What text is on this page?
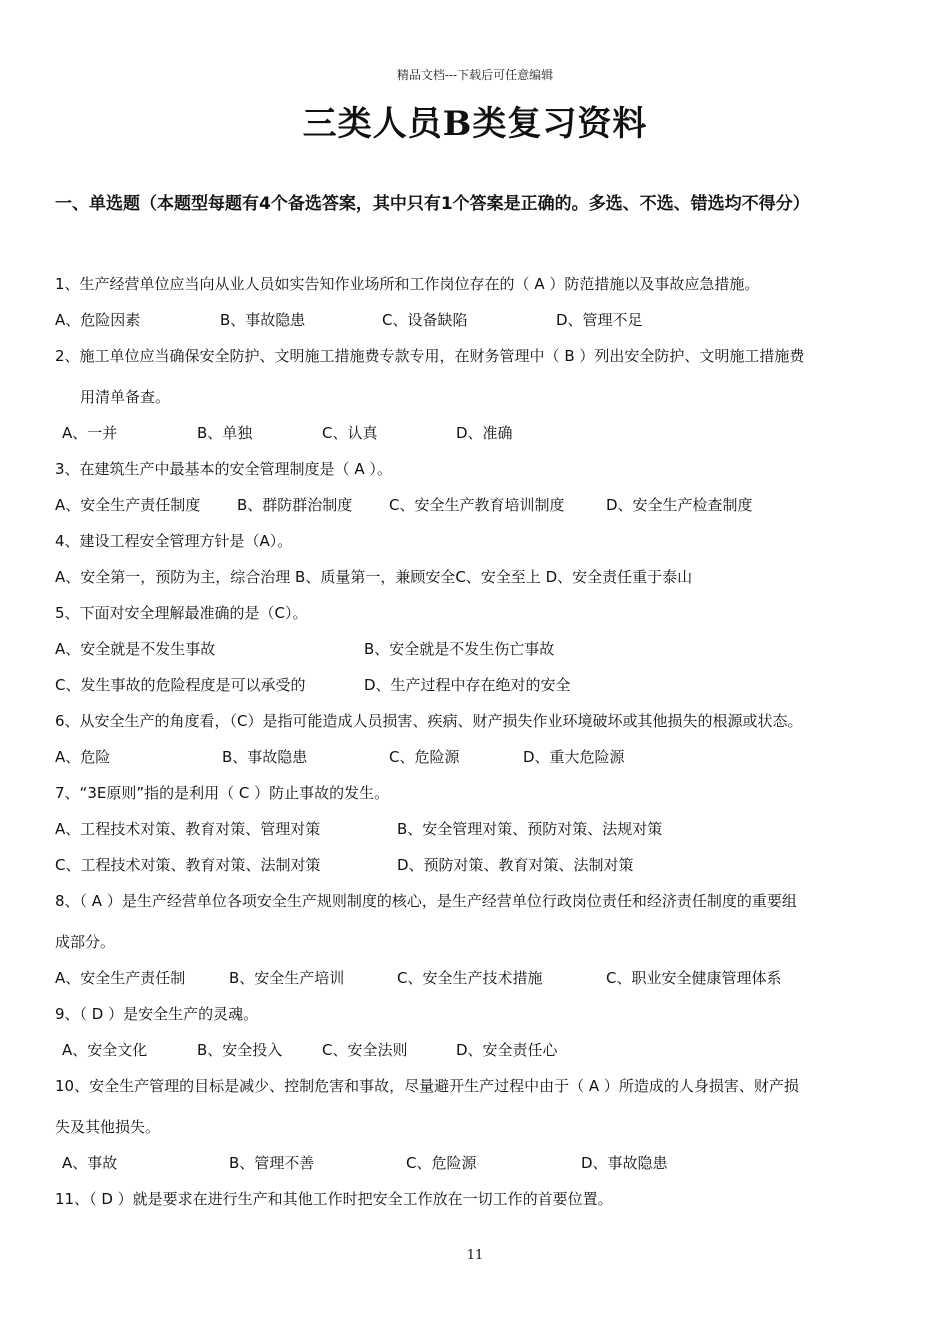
精品文档---下载后可任意编辑
三类人员B类复习资料
一、单选题（本题型每题有4个备选答案，其中只有1个答案是正确的。多选、不选、错选均不得分）
1、生产经营单位应当向从业人员如实告知作业场所和工作岗位存在的（ A ）防范措施以及事故应急措施。
A、危险因素	B、事故隐患	C、设备缺陷	D、管理不足
2、施工单位应当确保安全防护、文明施工措施费专款专用，在财务管理中（ B ）列出安全防护、文明施工措施费
用清单备查。
A、一并	B、单独	C、认真	D、准确
3、在建筑生产中最基本的安全管理制度是（ A ）。
A、安全生产责任制度 B、群防群治制度 C、安全生产教育培训制度	D、安全生产检查制度
4、建设工程安全管理方针是（A）。
A、安全第一，预防为主，综合治理 B、质量第一，兼顾安全C、安全至上 D、安全责任重于泰山
5、下面对安全理解最准确的是（C）。
A、安全就是不发生事故	B、安全就是不发生伤亡事故
C、发生事故的危险程度是可以承受的	D、生产过程中存在绝对的安全
6、从安全生产的角度看，（C）是指可能造成人员损害、疾病、财产损失作业环境破坏或其他损失的根源或状态。
A、危险	B、事故隐患	C、危险源	D、重大危险源
7、“3E原则”指的是利用（ C ）防止事故的发生。
A、工程技术对策、教育对策、管理对策	B、安全管理对策、预防对策、法规对策
C、工程技术对策、教育对策、法制对策	D、预防对策、教育对策、法制对策
8、（ A ）是生产经营单位各项安全生产规则制度的核心，是生产经营单位行政岗位责任和经济责任制度的重要组
成部分。
A、安全生产责任制	B、安全生产培训	C、安全生产技术措施	C、职业安全健康管理体系
9、（ D ）是安全生产的灵魂。
A、安全文化	B、安全投入	C、安全法则	D、安全责任心
10、安全生产管理的目标是减少、控制危害和事故，尽量避开生产过程中由于（ A ）所造成的人身损害、财产损
失及其他损失。
A、事故	B、管理不善	C、危险源	D、事故隐患
11、（ D ）就是要求在进行生产和其他工作时把安全工作放在一切工作的首要位置。
11
